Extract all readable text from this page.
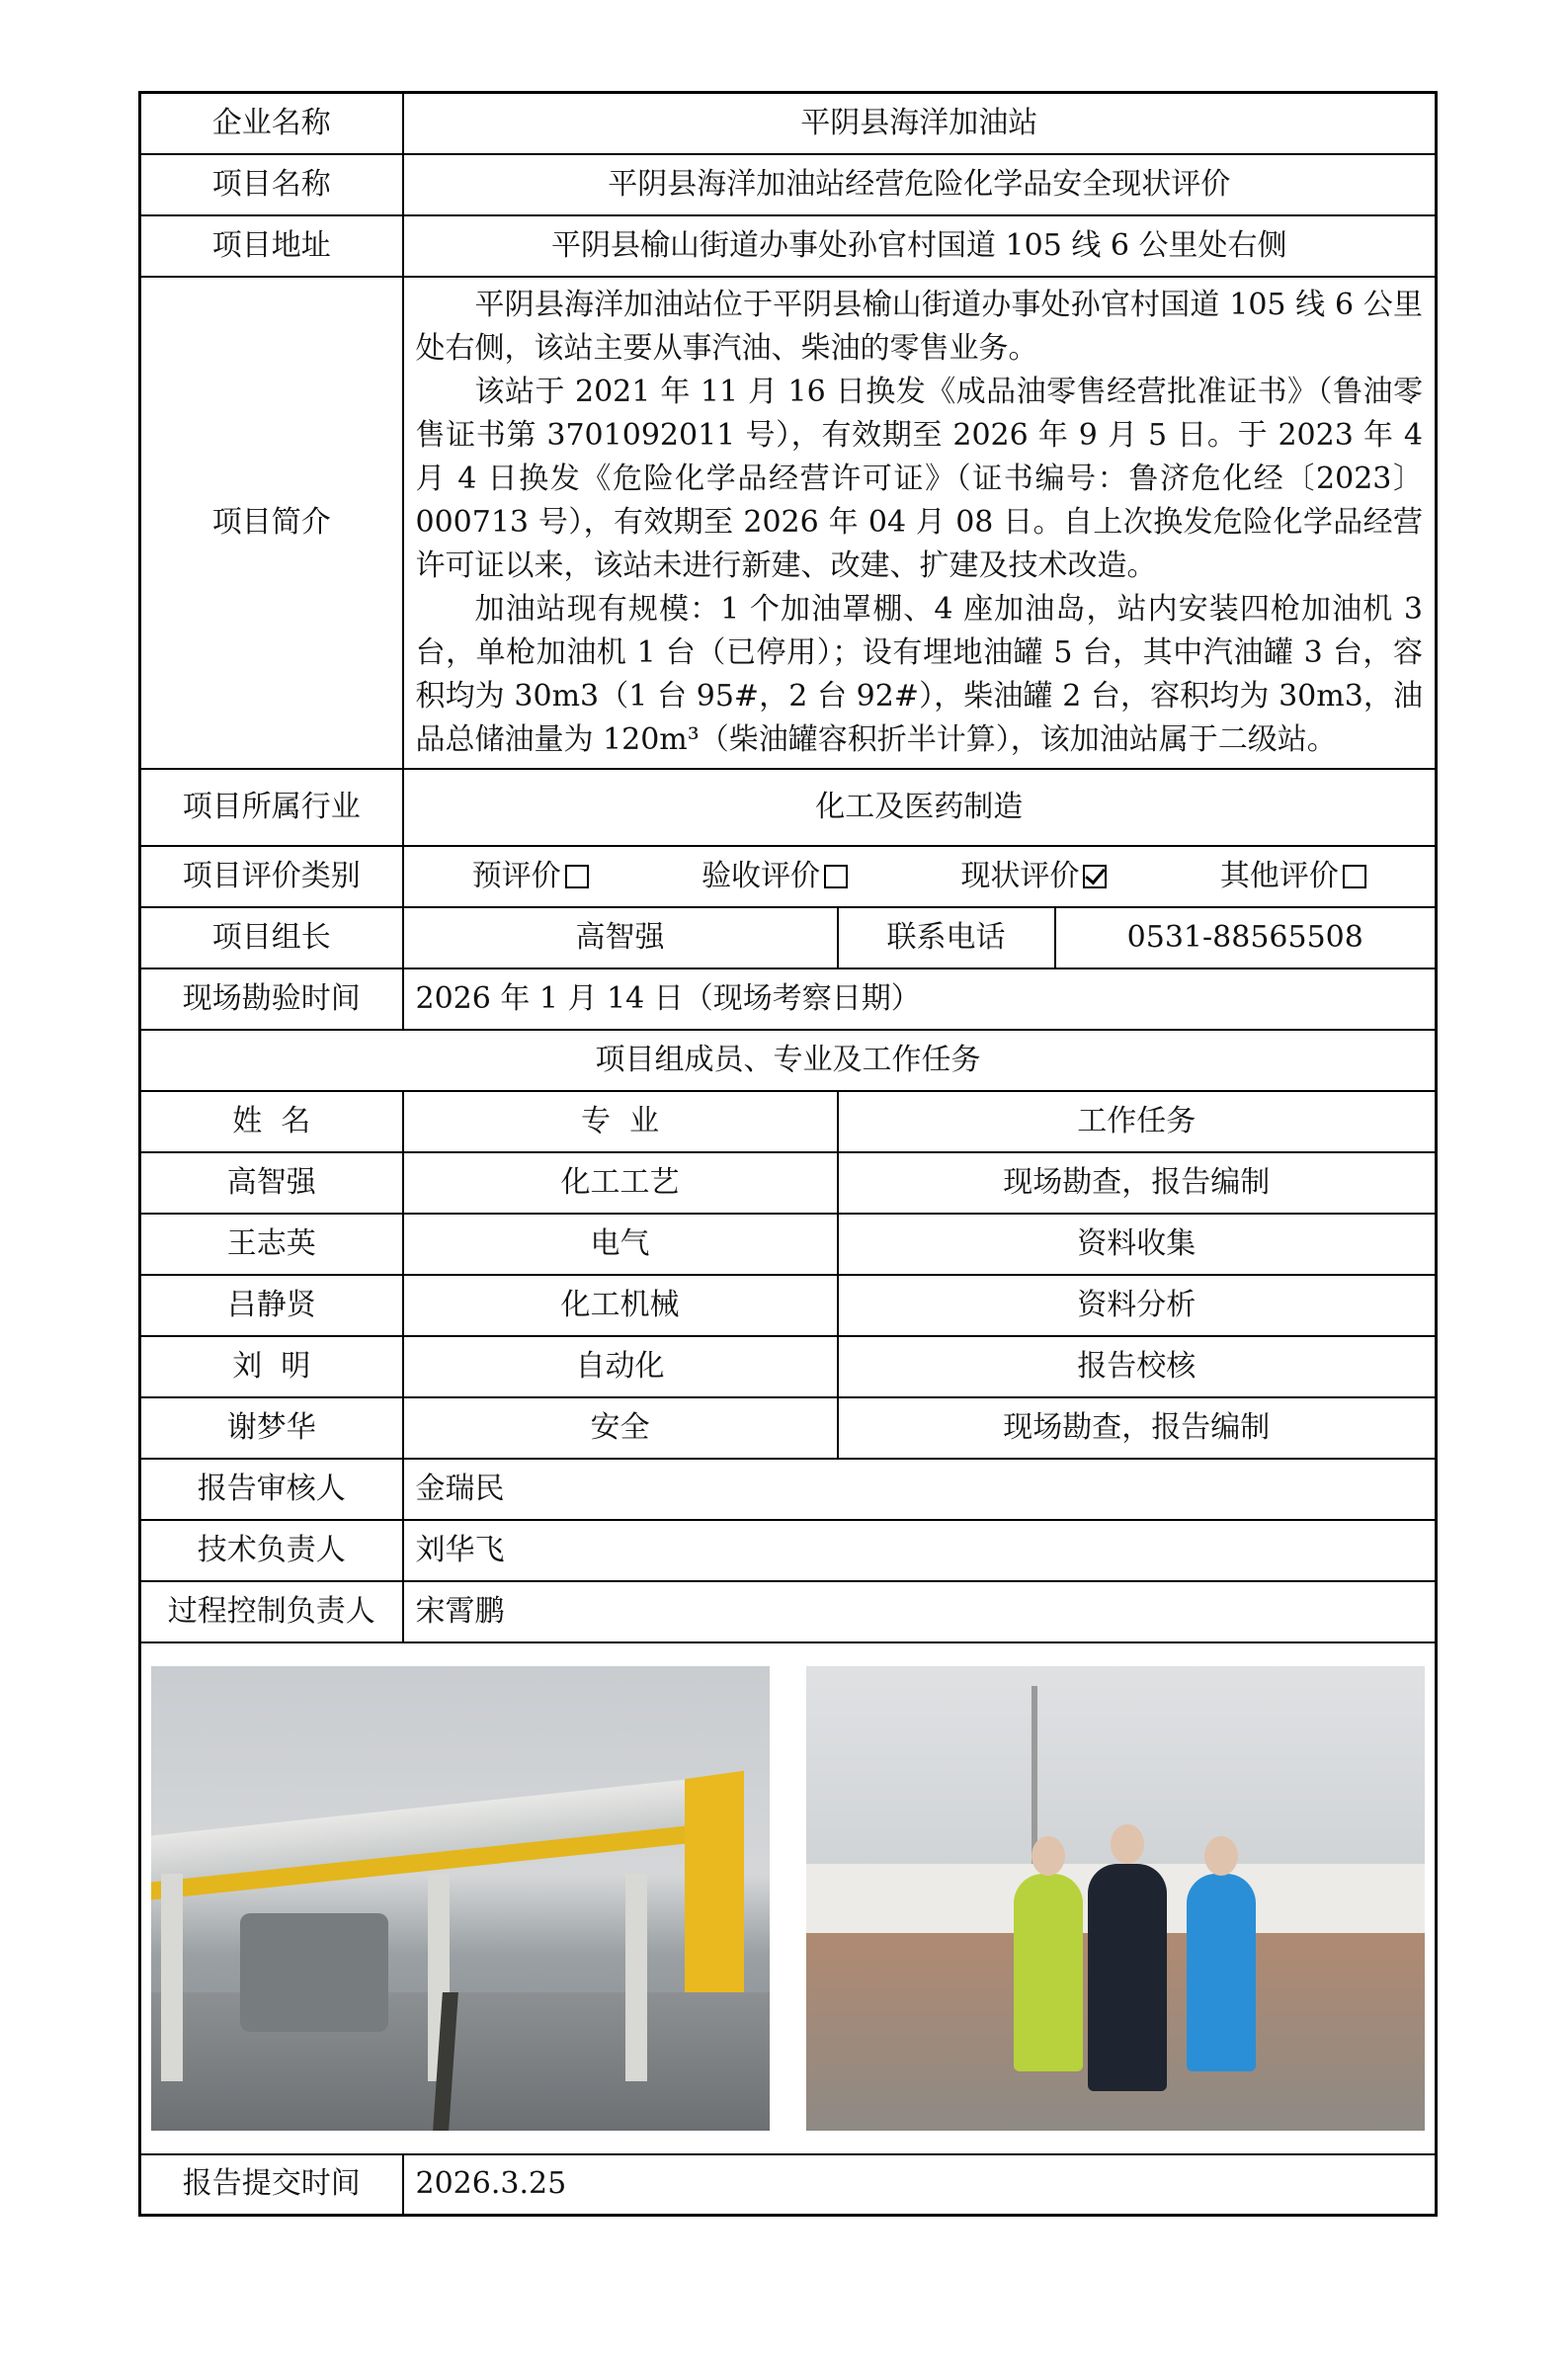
企业名称	平阴县海洋加油站		
项目名称	平阴县海洋加油站经营危险化学品安全现状评价		
项目地址	平阴县榆山街道办事处孙官村国道 105 线 6 公里处右侧		
项目简介	平阴县海洋加油站位于平阴县榆山街道办事处孙官村国道 105 线 6 公里处右侧，该站主要从事汽油、柴油的零售业务。

该站于 2021 年 11 月 16 日换发《成品油零售经营批准证书》（鲁油零售证书第 3701092011 号），有效期至 2026 年 9 月 5 日。于 2023 年 4 月 4 日换发《危险化学品经营许可证》（证书编号：鲁济危化经〔2023〕000713 号），有效期至 2026 年 04 月 08 日。自上次换发危险化学品经营许可证以来，该站未进行新建、改建、扩建及技术改造。

加油站现有规模：1 个加油罩棚、4 座加油岛，站内安装四枪加油机 3 台，单枪加油机 1 台（已停用）；设有埋地油罐 5 台，其中汽油罐 3 台，容积均为 30m3（1 台 95#，2 台 92#），柴油罐 2 台，容积均为 30m3，油品总储油量为 120m³（柴油罐容积折半计算），该加油站属于二级站。		

项目所属行业	化工及医药制造		
项目评价类别	预评价 验收评价 现状评价 其他评价		

项目组长	高智强	联系电话	0531-88565508
现场勘验时间	2026 年 1 月 14 日（现场考察日期）		
项目组成员、专业及工作任务			
姓  名	专  业	工作任务	
高智强	化工工艺	现场勘查，报告编制	
王志英	电气	资料收集	
吕静贤	化工机械	资料分析	
刘  明	自动化	报告校核	
谢梦华	安全	现场勘查，报告编制	
报告审核人	金瑞民		
技术负责人	刘华飞		
过程控制负责人	宋霄鹏		

报告提交时间	2026.3.25		
